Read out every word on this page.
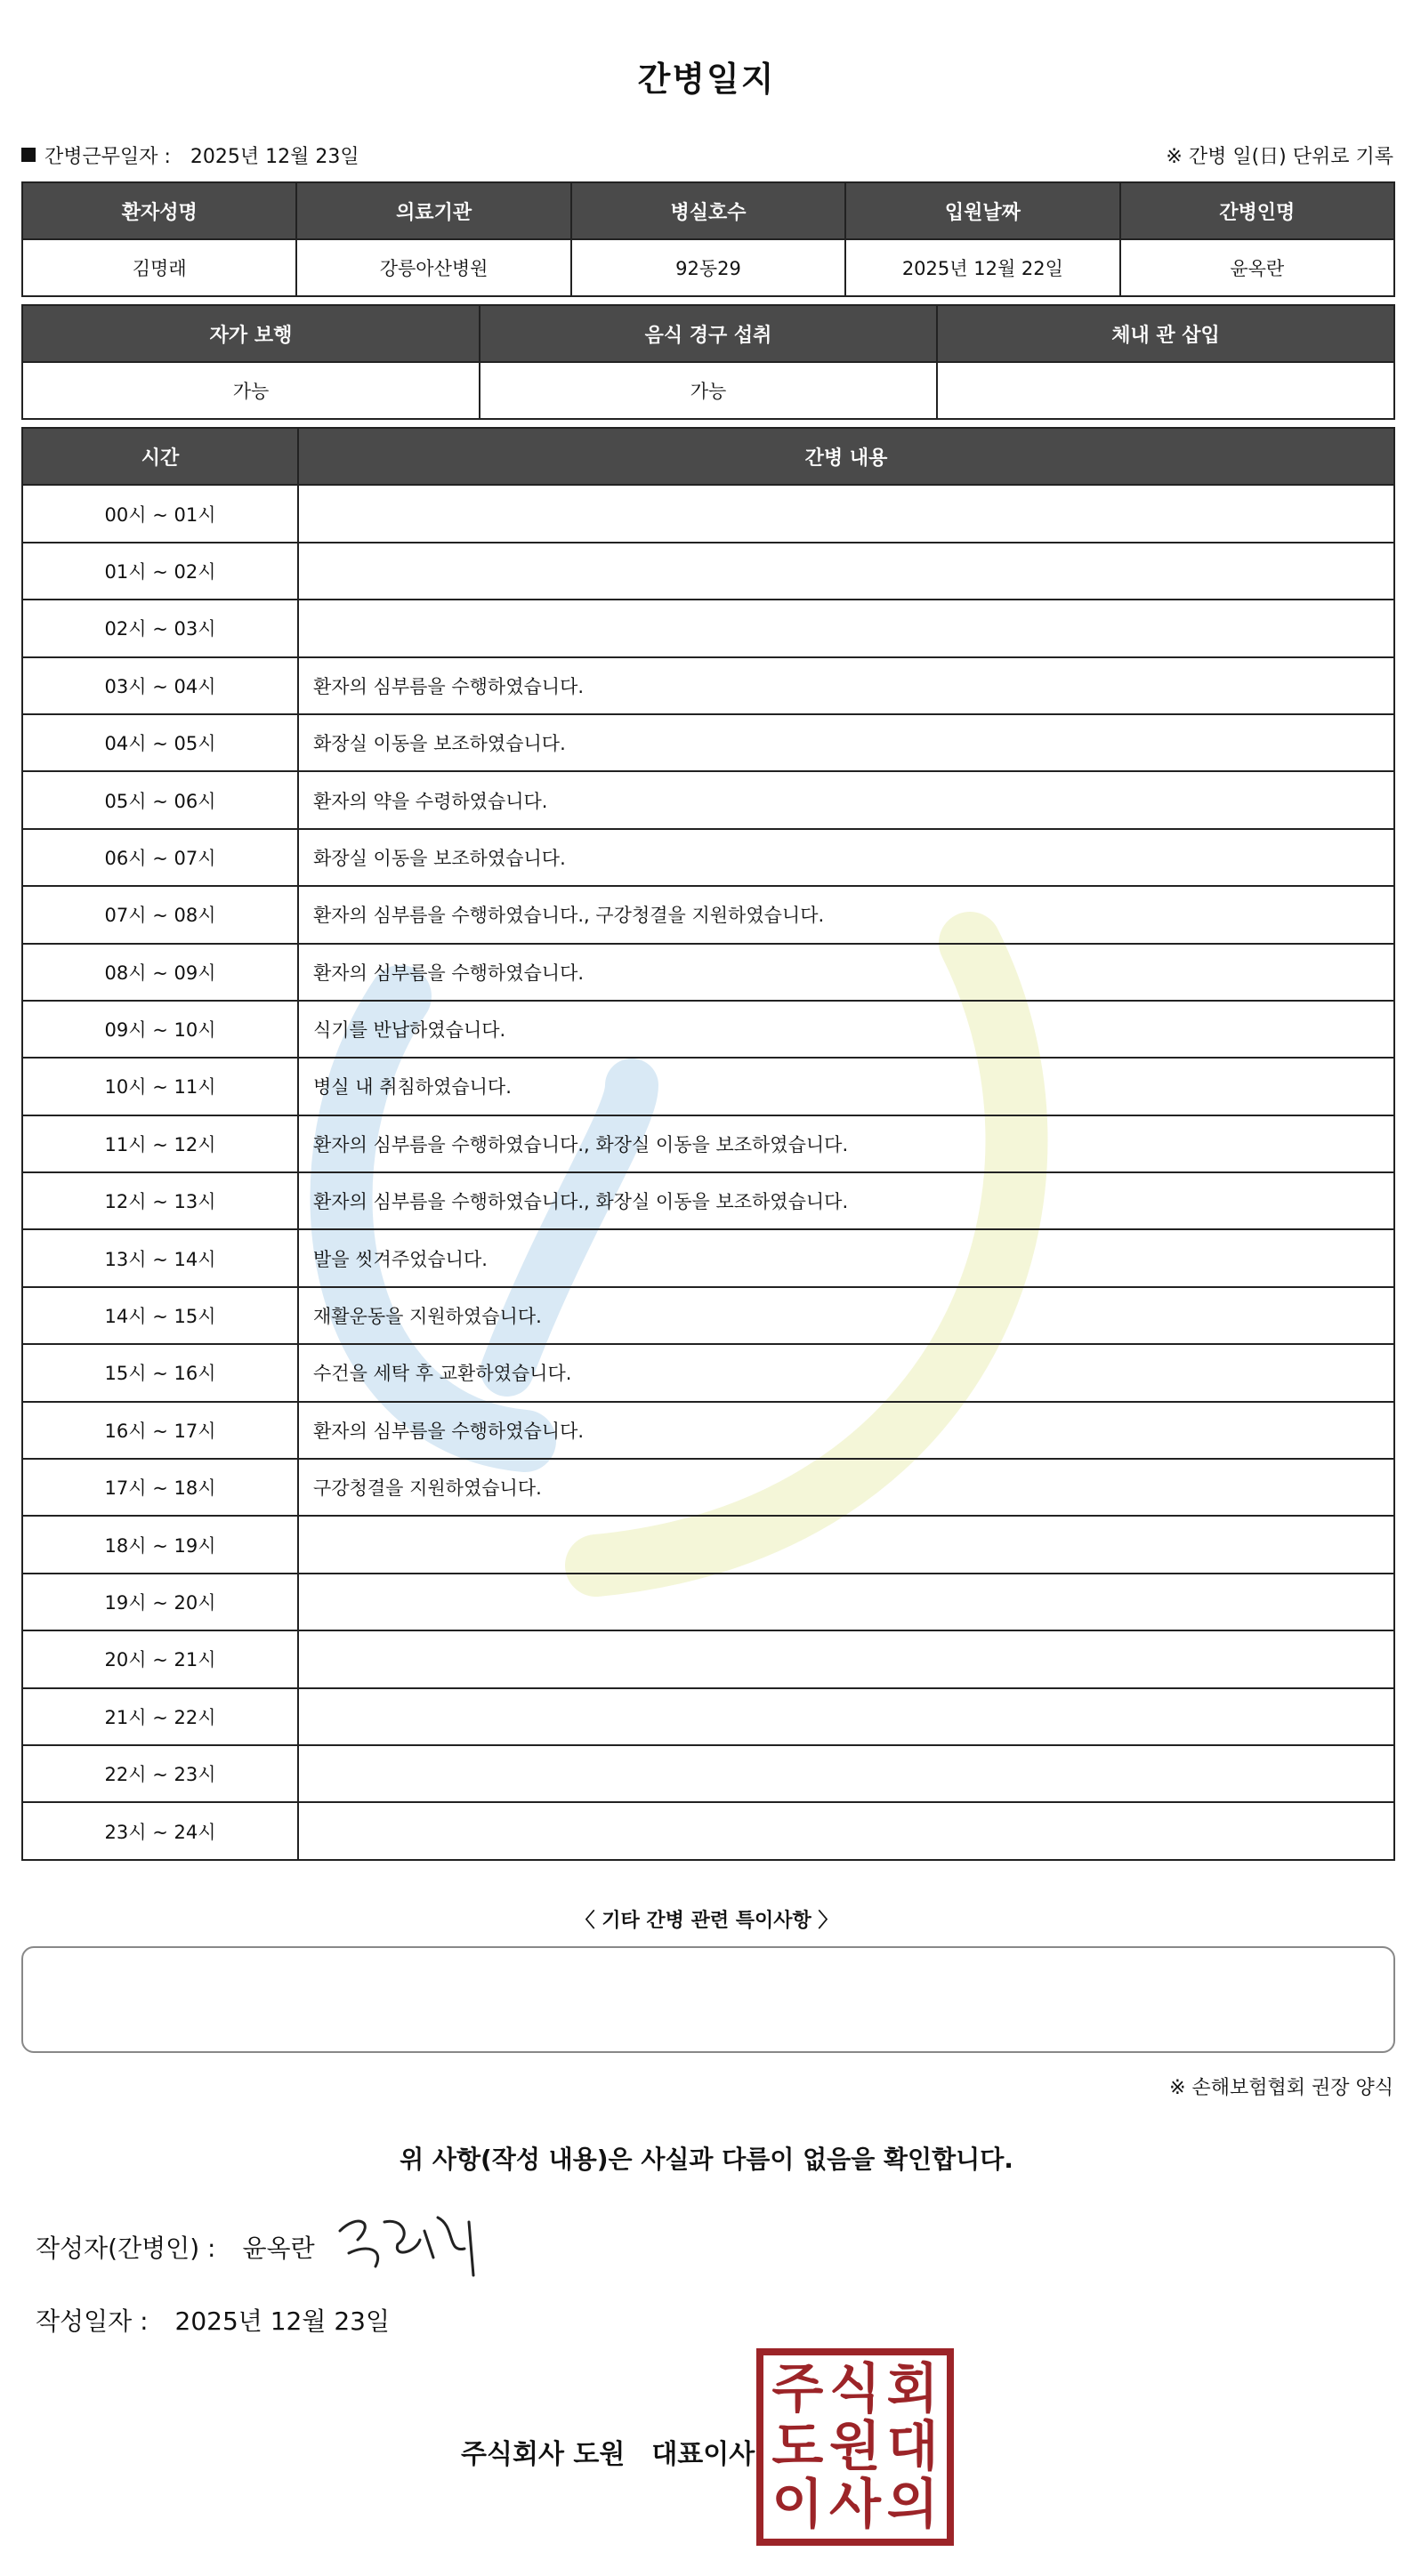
간병일지
간병근무일자 : 2025년 12월 23일	※ 간병 일(日) 단위로 기록
환자성명	의료기관	병실호수	입원날짜	간병인명
김명래	강릉아산병원	92동29	2025년 12월 22일	윤옥란
자가 보행	음식 경구 섭취	체내 관 삽입
가능	가능	
시간	간병 내용
00시 ~ 01시	
01시 ~ 02시	
02시 ~ 03시	
03시 ~ 04시	환자의 심부름을 수행하였습니다.
04시 ~ 05시	화장실 이동을 보조하였습니다.
05시 ~ 06시	환자의 약을 수령하였습니다.
06시 ~ 07시	화장실 이동을 보조하였습니다.
07시 ~ 08시	환자의 심부름을 수행하였습니다., 구강청결을 지원하였습니다.
08시 ~ 09시	환자의 심부름을 수행하였습니다.
09시 ~ 10시	식기를 반납하였습니다.
10시 ~ 11시	병실 내 취침하였습니다.
11시 ~ 12시	환자의 심부름을 수행하였습니다., 화장실 이동을 보조하였습니다.
12시 ~ 13시	환자의 심부름을 수행하였습니다., 화장실 이동을 보조하였습니다.
13시 ~ 14시	발을 씻겨주었습니다.
14시 ~ 15시	재활운동을 지원하였습니다.
15시 ~ 16시	수건을 세탁 후 교환하였습니다.
16시 ~ 17시	환자의 심부름을 수행하였습니다.
17시 ~ 18시	구강청결을 지원하였습니다.
18시 ~ 19시	
19시 ~ 20시	
20시 ~ 21시	
21시 ~ 22시	
22시 ~ 23시	
23시 ~ 24시	
〈 기타 간병 관련 특이사항 〉
※ 손해보험협회 권장 양식
위 사항(작성 내용)은 사실과 다름이 없음을 확인합니다.
작성자(간병인) : 윤옥란
작성일자 : 2025년 12월 23일
주식회사 도원 대표이사
주 식 회
도 원 대
이 사 의
